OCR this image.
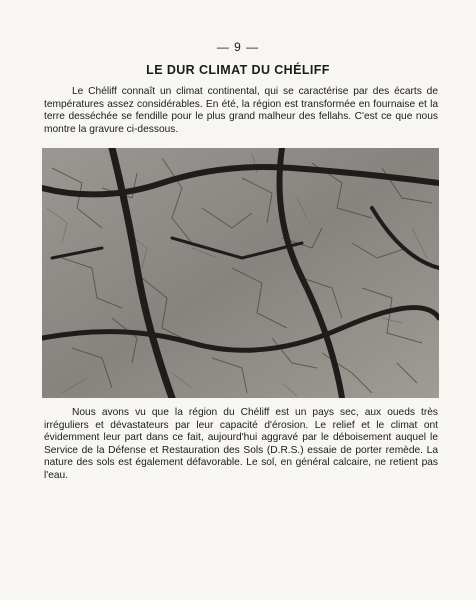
— 9 —
LE DUR CLIMAT DU CHÉLIFF

Le Chéliff connaît un climat continental, qui se caractérise par des écarts de températures assez considérables. En été, la région est transformée en fournaise et la terre desséchée se fendille pour le plus grand malheur des fellahs. C'est ce que nous montre la gravure ci-dessous.

Nous avons vu que la région du Chéliff est un pays sec, aux oueds très irréguliers et dévastateurs par leur capacité d'érosion. Le relief et le climat ont évidemment leur part dans ce fait, aujourd'hui aggravé par le déboisement auquel le Service de la Défense et Restauration des Sols (D.R.S.) essaie de porter remède. La nature des sols est également défavorable. Le sol, en général calcaire, ne retient pas l'eau.
